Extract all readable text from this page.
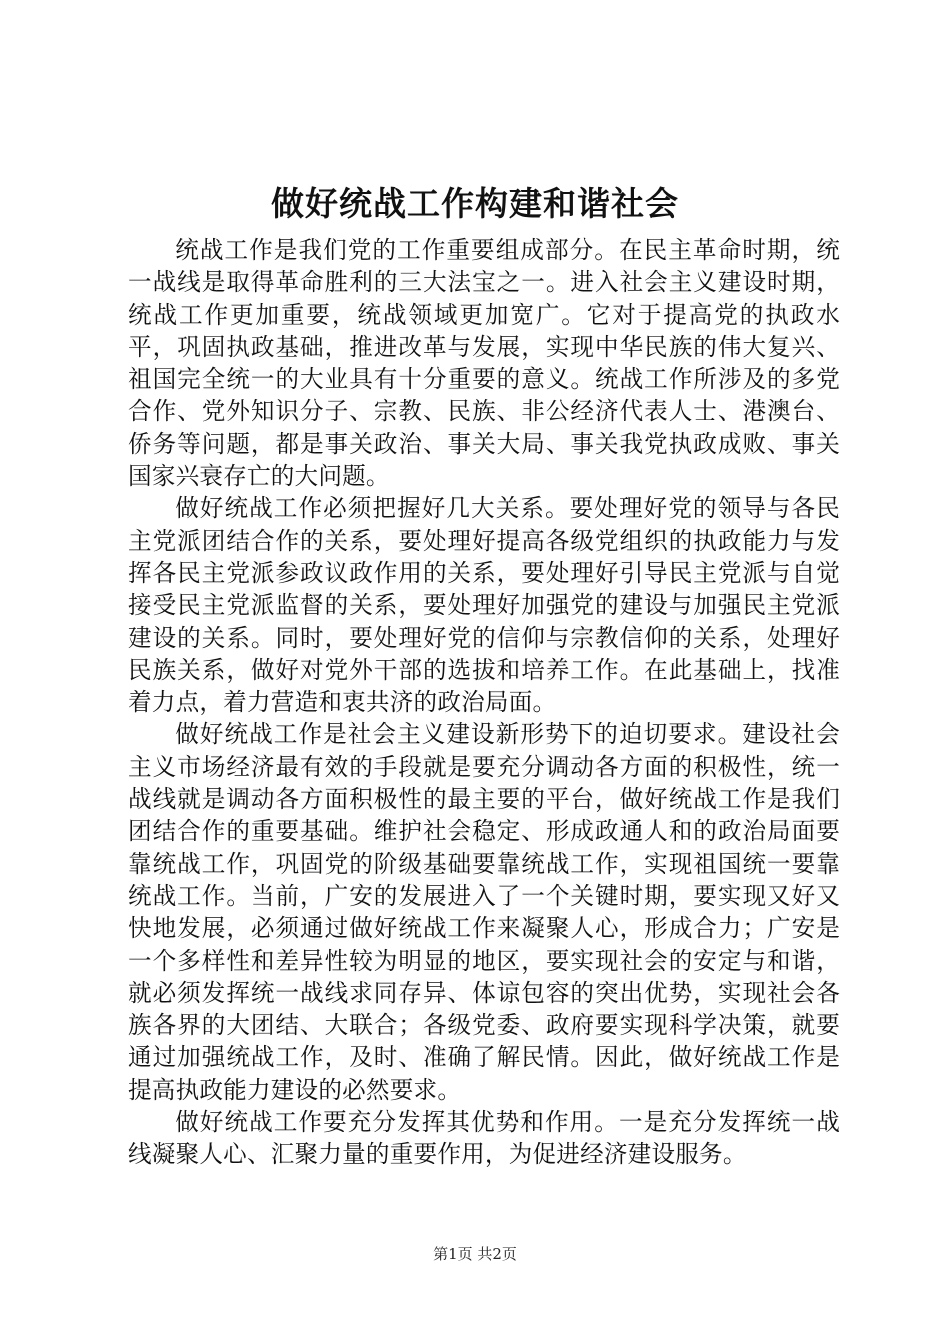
做好统战工作构建和谐社会

统战工作是我们党的工作重要组成部分。在民主革命时期，统一战线是取得革命胜利的三大法宝之一。进入社会主义建设时期，统战工作更加重要，统战领域更加宽广。它对于提高党的执政水平，巩固执政基础，推进改革与发展，实现中华民族的伟大复兴、祖国完全统一的大业具有十分重要的意义。统战工作所涉及的多党合作、党外知识分子、宗教、民族、非公经济代表人士、港澳台、侨务等问题，都是事关政治、事关大局、事关我党执政成败、事关国家兴衰存亡的大问题。

做好统战工作必须把握好几大关系。要处理好党的领导与各民主党派团结合作的关系，要处理好提高各级党组织的执政能力与发挥各民主党派参政议政作用的关系，要处理好引导民主党派与自觉接受民主党派监督的关系，要处理好加强党的建设与加强民主党派建设的关系。同时，要处理好党的信仰与宗教信仰的关系，处理好民族关系，做好对党外干部的选拔和培养工作。在此基础上，找准着力点，着力营造和衷共济的政治局面。

做好统战工作是社会主义建设新形势下的迫切要求。建设社会主义市场经济最有效的手段就是要充分调动各方面的积极性，统一战线就是调动各方面积极性的最主要的平台，做好统战工作是我们团结合作的重要基础。维护社会稳定、形成政通人和的政治局面要靠统战工作，巩固党的阶级基础要靠统战工作，实现祖国统一要靠统战工作。当前，广安的发展进入了一个关键时期，要实现又好又快地发展，必须通过做好统战工作来凝聚人心，形成合力；广安是一个多样性和差异性较为明显的地区，要实现社会的安定与和谐，就必须发挥统一战线求同存异、体谅包容的突出优势，实现社会各族各界的大团结、大联合；各级党委、政府要实现科学决策，就要通过加强统战工作，及时、准确了解民情。因此，做好统战工作是提高执政能力建设的必然要求。

做好统战工作要充分发挥其优势和作用。一是充分发挥统一战线凝聚人心、汇聚力量的重要作用，为促进经济建设服务。

第1页 共2页
